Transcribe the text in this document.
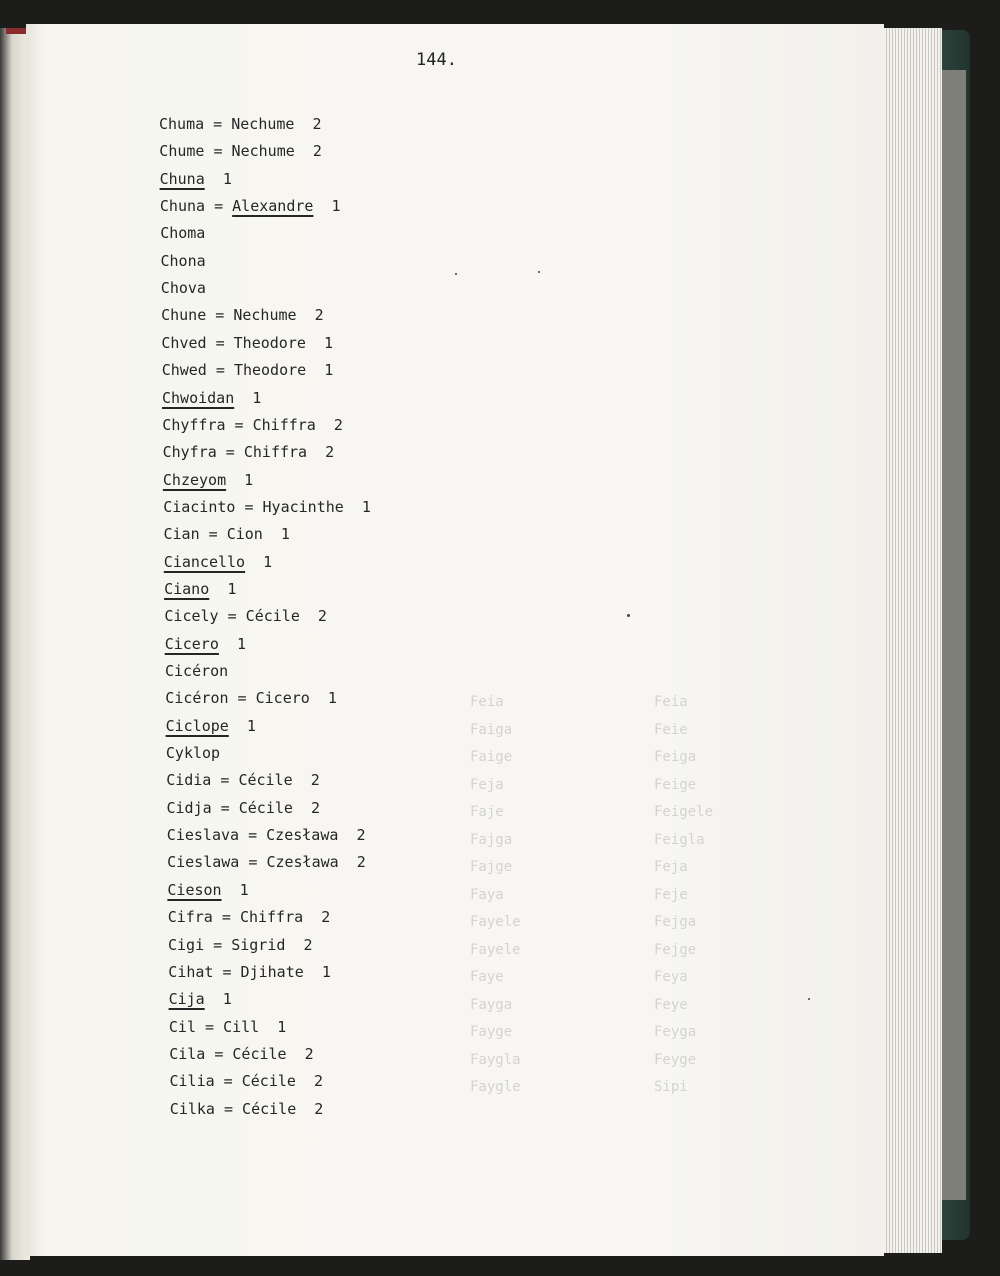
Feia
Faiga
Faige
Feja
Faje
Fajga
Fajge
Faya
Fayele
Fayele
Faye
Fayga
Fayge
Faygla
Faygle
Feia
Feie
Feiga
Feige
Feigele
Feigla
Feja
Feje
Fejga
Fejge
Feya
Feye
Feyga
Feyge
Sipi
144.
Chuma = Nechume 2
Chume = Nechume 2
Chuna 1
Chuna = Alexandre 1
Choma
Chona
Chova
Chune = Nechume 2
Chved = Theodore 1
Chwed = Theodore 1
Chwoidan 1
Chyffra = Chiffra 2
Chyfra = Chiffra 2
Chzeyom 1
Ciacinto = Hyacinthe 1
Cian = Cion 1
Ciancello 1
Ciano 1
Cicely = Cécile 2
Cicero 1
Cicéron
Cicéron = Cicero 1
Ciclope 1
Cyklop
Cidia = Cécile 2
Cidja = Cécile 2
Cieslava = Czesława 2
Cieslawa = Czesława 2
Cieson 1
Cifra = Chiffra 2
Cigi = Sigrid 2
Cihat = Djihate 1
Cija 1
Cil = Cill 1
Cila = Cécile 2
Cilia = Cécile 2
Cilka = Cécile 2
